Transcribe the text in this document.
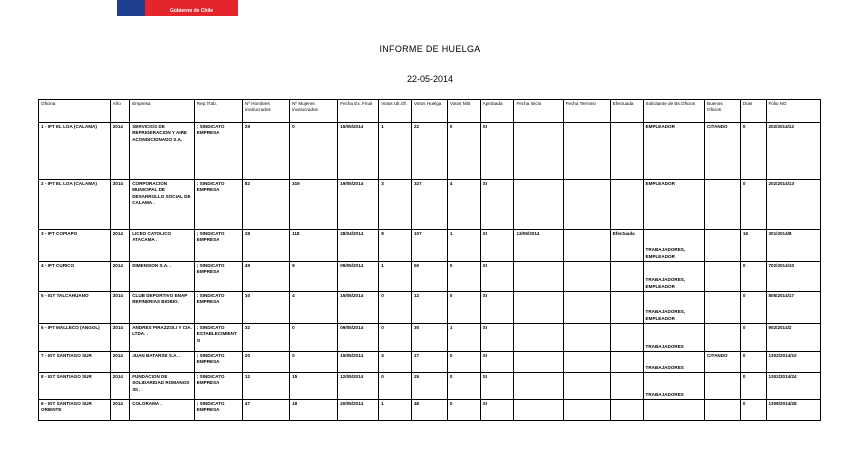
Gobierno de Chile
INFORME DE HUELGA
22-05-2014
Oficina	Año	Empresa	Rep.Trab.	Nº Hombres involucrados	Nº Mujeres involucrados	Fecha Ex. Final	Votos Ult.Of.	Votos Huelga	Votos N/B	Aprobada	Fecha Inicio	Fecha Termino	Efectuada	Solicitante de Bs.Oficios	Buenos Oficios	Días	Folio NG
1 - IPT EL LOA (CALAMA)	2014	SERVICIOS DE REFRIGERACION Y AIRE ACONDICIONADO S.A.	; SINDICATO EMPRESA	29	0	15/05/2014	1	22	0	SI				EMPLEADOR	CITANDO	0	202/2014/12
2 - IPT EL LOA (CALAMA)	2014	CORPORACION MUNICIPAL DE DESARROLLO SOCIAL DE CALAMA .	; SINDICATO EMPRESA	82	319	19/05/2014	3	327	4	SI				EMPLEADOR		0	202/2014/13
3 - IPT COPIAPO	2014	LICEO CATOLICO ATACAMA .	; SINDICATO EMPRESA	28	118	28/04/2014	8	107	1	SI	13/05/2014		Efectuada	TRABAJADORES, EMPLEADOR		16	301/2014/8
4 - IPT CURICO	2014	DIMENSION S.A. .	; SINDICATO EMPRESA	49	9	09/05/2014	1	50	0	SI				TRABAJADORES, EMPLEADOR		0	702/2014/10
5 - IGT TALCAHUANO	2014	CLUB DEPORTIVO ENAP REFINERIAS BIOBIO.	; SINDICATO EMPRESA	10	4	15/05/2014	0	12	0	SI				TRABAJADORES, EMPLEADOR		0	805/2014/17
6 - IPT MALLECO (ANGOL)	2014	ANDRES PIRAZZOLI Y CIA. LTDA. .	; SINDICATO ESTABLECIMIENTO	32	0	09/05/2014	0	30	1	SI				TRABAJADORES		0	902/2014/2
7 - IGT SANTIAGO SUR	2014	JUAN BATARSE S.A. .	; SINDICATO EMPRESA	20	0	19/05/2014	3	17	0	SI				TRABAJADORES	CITANDO	0	1302/2014/10
8 - IGT SANTIAGO SUR	2014	FUNDACION DE SOLIDARIDAD ROMANOS XII .	; SINDICATO EMPRESA	12	15	12/05/2014	0	25	0	SI				TRABAJADORES		0	1302/2014/24
9 - IGT SANTIAGO SUR ORIENTE	2014	COLORAMA .	; SINDICATO EMPRESA	47	18	20/05/2014	1	48	0	SI						0	1308/2014/28
